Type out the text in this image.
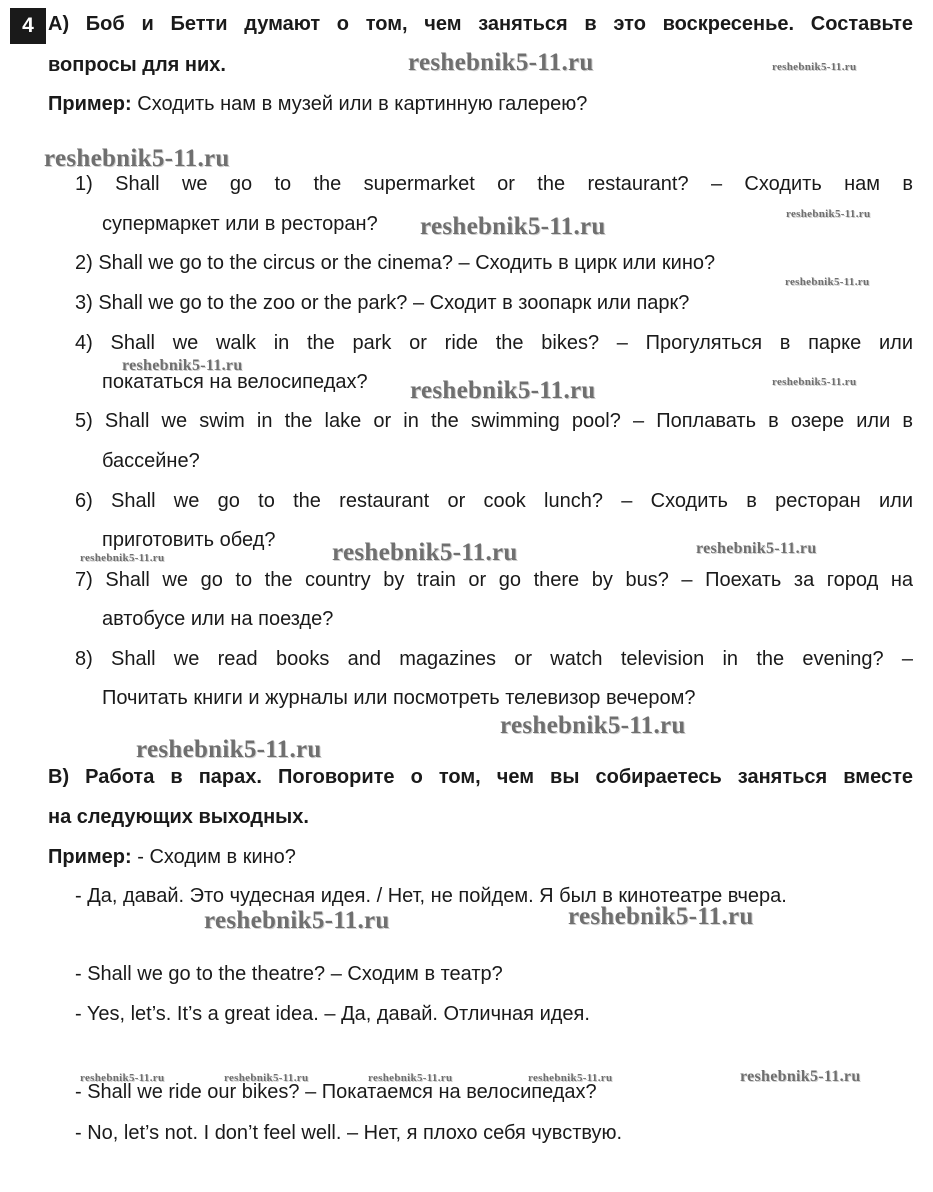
4 A) Боб и Бетти думают о том, чем заняться в это воскресенье. Составьте
вопросы для них.
Пример: Сходить нам в музей или в картинную галерею?
1) Shall we go to the supermarket or the restaurant? – Сходить нам в
супермаркет или в ресторан?
2) Shall we go to the circus or the cinema? – Сходить в цирк или кино?
3) Shall we go to the zoo or the park? – Сходит в зоопарк или парк?
4) Shall we walk in the park or ride the bikes? – Прогуляться в парке или
покататься на велосипедах?
5) Shall we swim in the lake or in the swimming pool? – Поплавать в озере или в
бассейне?
6) Shall we go to the restaurant or cook lunch? – Сходить в ресторан или
приготовить обед?
7) Shall we go to the country by train or go there by bus? – Поехать за город на
автобусе или на поезде?
8) Shall we read books and magazines or watch television in the evening? –
Почитать книги и журналы или посмотреть телевизор вечером?
B) Работа в парах. Поговорите о том, чем вы собираетесь заняться вместе
на следующих выходных.
Пример: - Сходим в кино?
- Да, давай. Это чудесная идея. / Нет, не пойдем. Я был в кинотеатре вчера.
- Shall we go to the theatre? – Сходим в театр?
- Yes, let’s. It’s a great idea. – Да, давай. Отличная идея.
- Shall we ride our bikes? – Покатаемся на велосипедах?
- No, let’s not. I don’t feel well. – Нет, я плохо себя чувствую.
reshebnik5-11.ru	reshebnik5-11.ru
reshebnik5-11.ru
reshebnik5-11.ru	reshebnik5-11.ru
reshebnik5-11.ru
reshebnik5-11.ru
reshebnik5-11.ru	reshebnik5-11.ru
reshebnik5-11.ru	reshebnik5-11.ru
reshebnik5-11.ru
reshebnik5-11.ru
reshebnik5-11.ru
reshebnik5-11.ru	reshebnik5-11.ru
reshebnik5-11.ru	reshebnik5-11.ru	reshebnik5-11.ru	reshebnik5-11.ru	reshebnik5-11.ru
